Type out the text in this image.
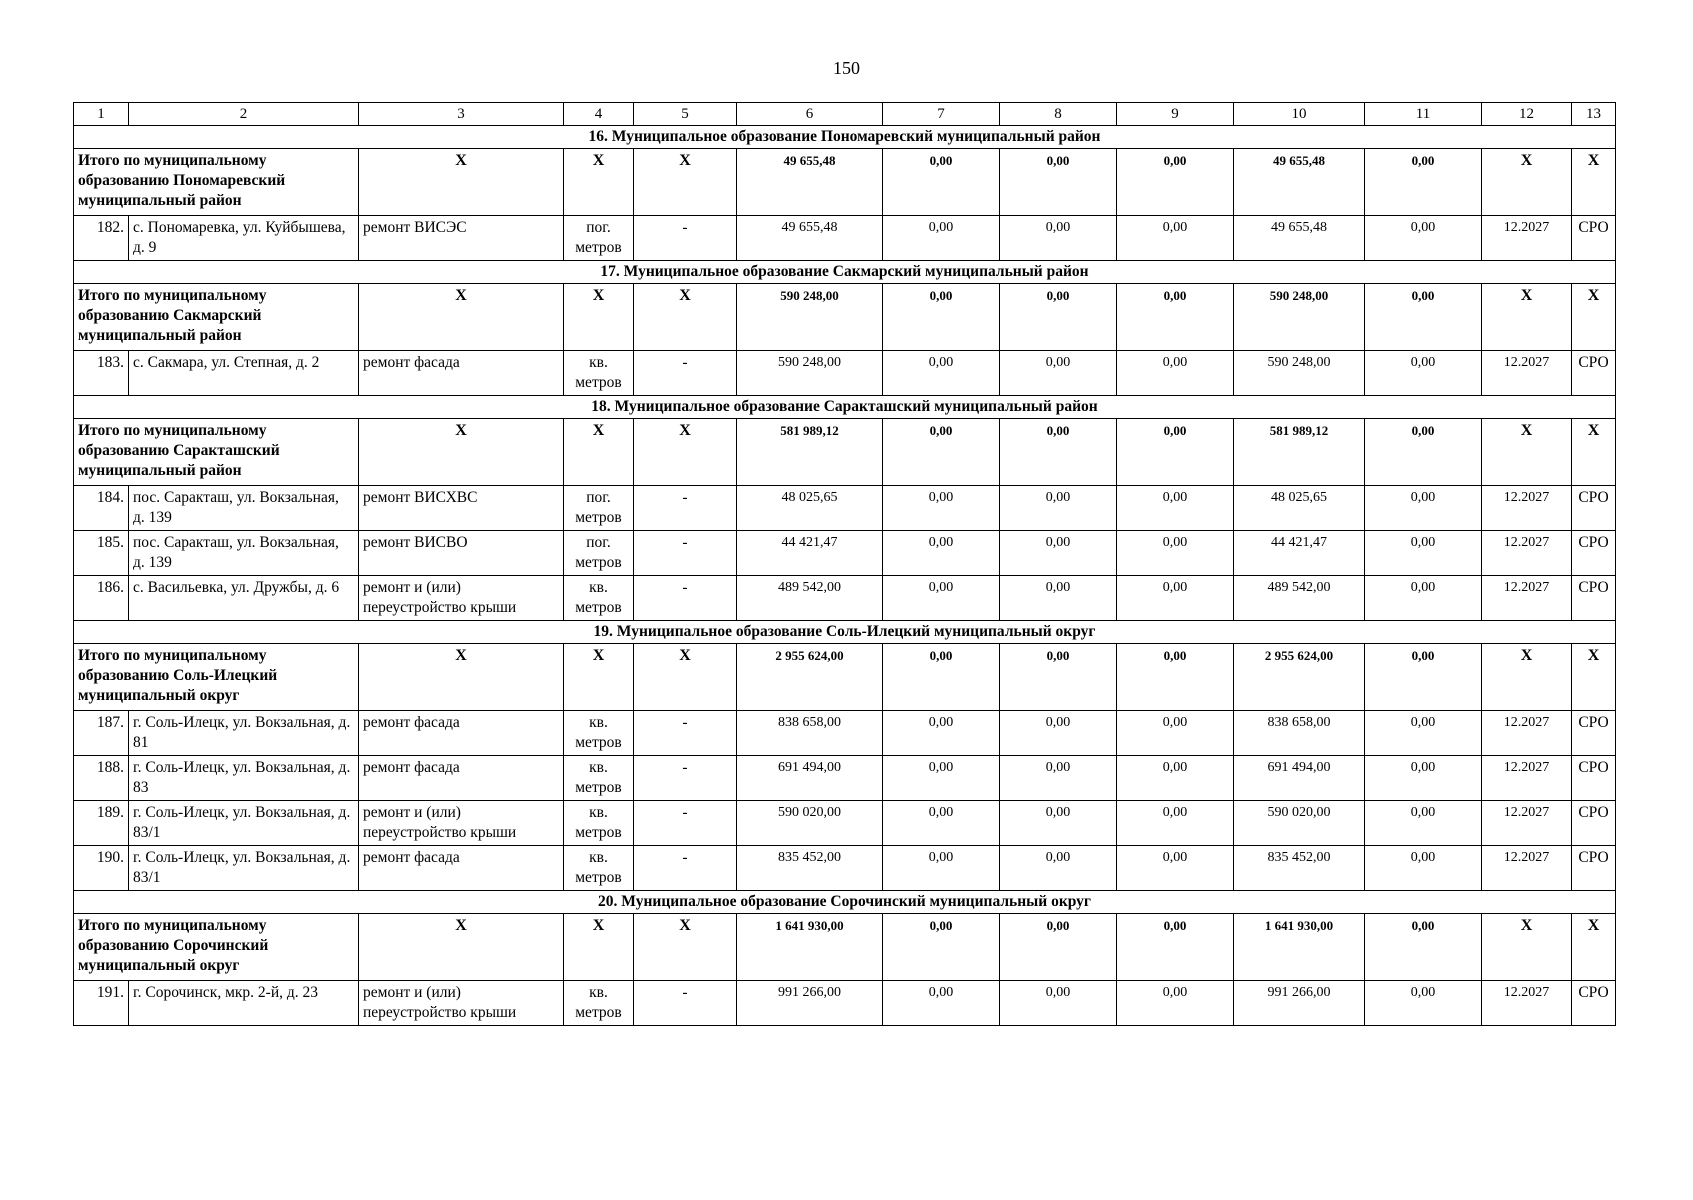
150
1	2	3	4	5	6	7	8	9	10	11	12	13
16. Муниципальное образование Пономаревский муниципальный район												
Итого по муниципальному образованию Пономаревский муниципальный район		X	X	X	49 655,48	0,00	0,00	0,00	49 655,48	0,00	X	X
182.	с. Пономаревка, ул. Куйбышева, д. 9	ремонт ВИСЭС	пог. метров	-	49 655,48	0,00	0,00	0,00	49 655,48	0,00	12.2027	СРО
17. Муниципальное образование Сакмарский муниципальный район												
Итого по муниципальному образованию Сакмарский муниципальный район		X	X	X	590 248,00	0,00	0,00	0,00	590 248,00	0,00	X	X
183.	с. Сакмара, ул. Степная, д. 2	ремонт фасада	кв. метров	-	590 248,00	0,00	0,00	0,00	590 248,00	0,00	12.2027	СРО
18. Муниципальное образование Саракташский муниципальный район												
Итого по муниципальному образованию Саракташский муниципальный район		X	X	X	581 989,12	0,00	0,00	0,00	581 989,12	0,00	X	X
184.	пос. Саракташ, ул. Вокзальная, д. 139	ремонт ВИСХВС	пог. метров	-	48 025,65	0,00	0,00	0,00	48 025,65	0,00	12.2027	СРО
185.	пос. Саракташ, ул. Вокзальная, д. 139	ремонт ВИСВО	пог. метров	-	44 421,47	0,00	0,00	0,00	44 421,47	0,00	12.2027	СРО
186.	с. Васильевка, ул. Дружбы, д. 6	ремонт и (или) переустройство крыши	кв. метров	-	489 542,00	0,00	0,00	0,00	489 542,00	0,00	12.2027	СРО
19. Муниципальное образование Соль-Илецкий муниципальный округ												
Итого по муниципальному образованию Соль-Илецкий муниципальный округ		X	X	X	2 955 624,00	0,00	0,00	0,00	2 955 624,00	0,00	X	X
187.	г. Соль-Илецк, ул. Вокзальная, д. 81	ремонт фасада	кв. метров	-	838 658,00	0,00	0,00	0,00	838 658,00	0,00	12.2027	СРО
188.	г. Соль-Илецк, ул. Вокзальная, д. 83	ремонт фасада	кв. метров	-	691 494,00	0,00	0,00	0,00	691 494,00	0,00	12.2027	СРО
189.	г. Соль-Илецк, ул. Вокзальная, д. 83/1	ремонт и (или) переустройство крыши	кв. метров	-	590 020,00	0,00	0,00	0,00	590 020,00	0,00	12.2027	СРО
190.	г. Соль-Илецк, ул. Вокзальная, д. 83/1	ремонт фасада	кв. метров	-	835 452,00	0,00	0,00	0,00	835 452,00	0,00	12.2027	СРО
20. Муниципальное образование Сорочинский муниципальный округ												
Итого по муниципальному образованию Сорочинский муниципальный округ		X	X	X	1 641 930,00	0,00	0,00	0,00	1 641 930,00	0,00	X	X
191.	г. Сорочинск, мкр. 2-й, д. 23	ремонт и (или) переустройство крыши	кв. метров	-	991 266,00	0,00	0,00	0,00	991 266,00	0,00	12.2027	СРО
